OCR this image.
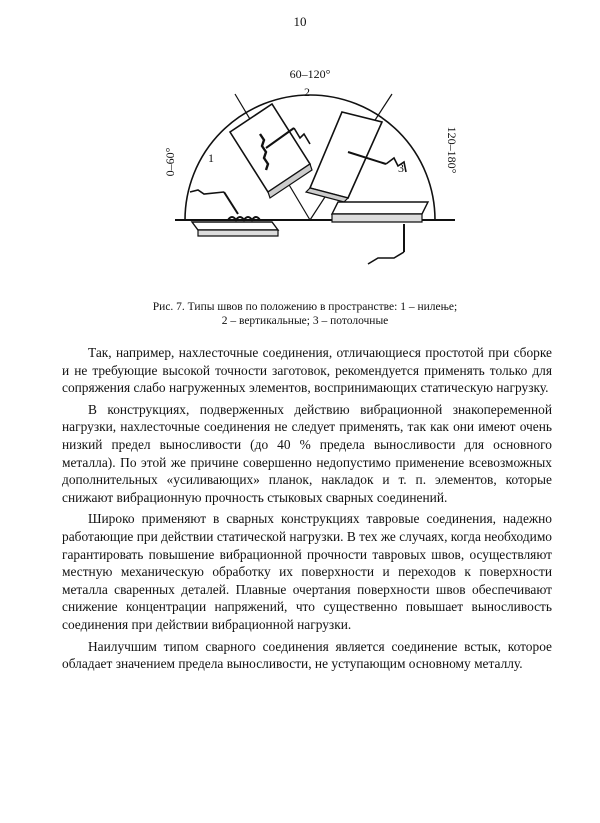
10
60–120°
0–60°	120–180°
1
2
3
Рис. 7. Типы швов по положению в пространстве: 1 – нилење;
2 – вертикальные; 3 – потолочные

Так, например, нахлесточные соединения, отличающиеся простотой при сборке и не требующие высокой точности заготовок, рекомендуется применять только для сопряжения слабо нагруженных элементов, воспринимающих статическую нагрузку.

В конструкциях, подверженных действию вибрационной знакопеременной нагрузки, нахлесточные соединения не следует применять, так как они имеют очень низкий предел выносливости (до 40 % предела выносливости для основного металла). По этой же причине совершенно недопустимо применение всевозможных дополнительных «усиливающих» планок, накладок и т. п. элементов, которые снижают вибрационную прочность стыковых сварных соединений.

Широко применяют в сварных конструкциях тавровые соединения, надежно работающие при действии статической нагрузки. В тех же случаях, когда необходимо гарантировать повышение вибрационной прочности тавровых швов, осуществляют местную механическую обработку их поверхности и переходов к поверхности металла сваренных деталей. Плавные очертания поверхности швов обеспечивают снижение концентрации напряжений, что существенно повышает выносливость соединения при действии вибрационной нагрузки.

Наилучшим типом сварного соединения является соединение встык, которое обладает значением предела выносливости, не уступающим основному металлу.
